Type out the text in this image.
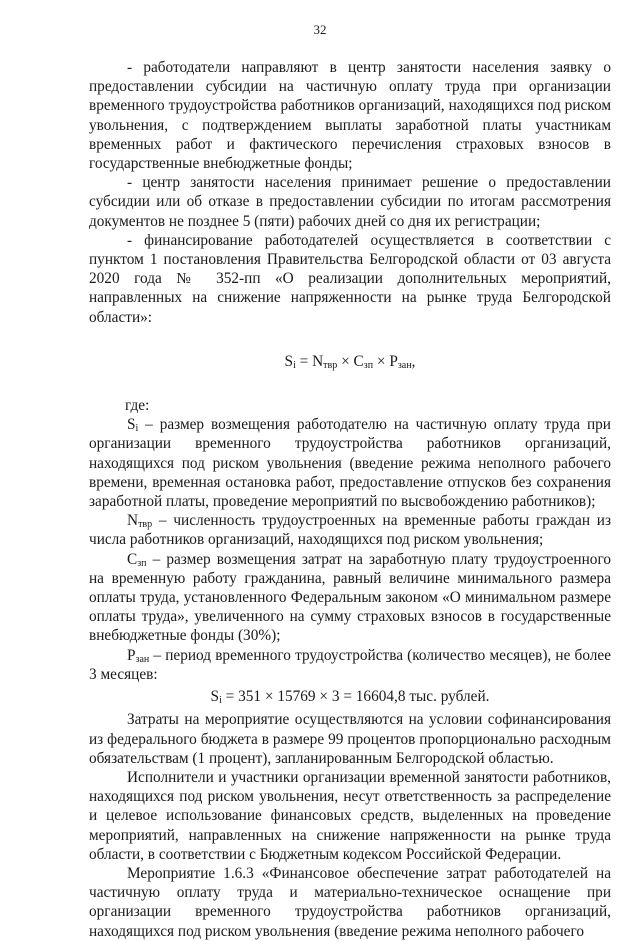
32

- работодатели направляют в центр занятости населения заявку о предоставлении субсидии на частичную оплату труда при организации временного трудоустройства работников организаций, находящихся под риском увольнения, с подтверждением выплаты заработной платы участникам временных работ и фактического перечисления страховых взносов в государственные внебюджетные фонды;

- центр занятости населения принимает решение о предоставлении субсидии или об отказе в предоставлении субсидии по итогам рассмотрения документов не позднее 5 (пяти) рабочих дней со дня их регистрации;

- финансирование работодателей осуществляется в соответствии с пунктом 1 постановления Правительства Белгородской области от 03 августа 2020 года № 352-пп «О реализации дополнительных мероприятий, направленных на снижение напряженности на рынке труда Белгородской области»:

$S_i = N_{твр} \times C_{зп} \times P_{зан}$,

где:

$S_i$ – размер возмещения работодателю на частичную оплату труда при организации временного трудоустройства работников организаций, находящихся под риском увольнения (введение режима неполного рабочего времени, временная остановка работ, предоставление отпусков без сохранения заработной платы, проведение мероприятий по высвобождению работников);

$N_{твр}$ – численность трудоустроенных на временные работы граждан из числа работников организаций, находящихся под риском увольнения;

$C_{зп}$ – размер возмещения затрат на заработную плату трудоустроенного на временную работу гражданина, равный величине минимального размера оплаты труда, установленного Федеральным законом «О минимальном размере оплаты труда», увеличенного на сумму страховых взносов в государственные внебюджетные фонды (30%);

$P_{зан}$ – период временного трудоустройства (количество месяцев), не более 3 месяцев:

$S_i = 351 \times 15769 \times 3 = 16604,8$ тыс. рублей.

Затраты на мероприятие осуществляются на условии софинансирования из федерального бюджета в размере 99 процентов пропорционально расходным обязательствам (1 процент), запланированным Белгородской областью.

Исполнители и участники организации временной занятости работников, находящихся под риском увольнения, несут ответственность за распределение и целевое использование финансовых средств, выделенных на проведение мероприятий, направленных на снижение напряженности на рынке труда области, в соответствии с Бюджетным кодексом Российской Федерации.

Мероприятие 1.6.3 «Финансовое обеспечение затрат работодателей на частичную оплату труда и материально-техническое оснащение при организации временного трудоустройства работников организаций, находящихся под риском увольнения (введение режима неполного рабочего
